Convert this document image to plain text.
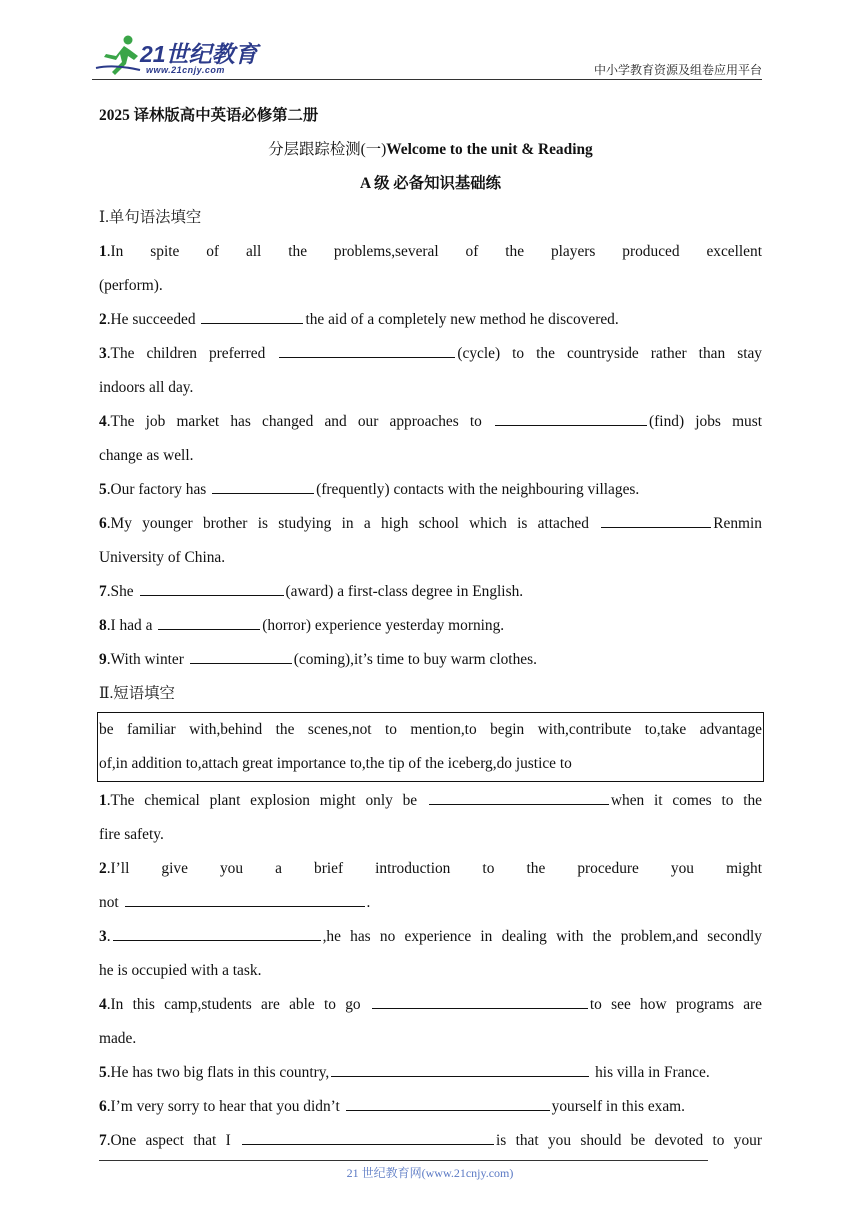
21世纪教育
www.21cnjy.com	中小学教育资源及组卷应用平台
2025 译林版高中英语必修第二册
分层跟踪检测(一)Welcome to the unit & Reading
A 级 必备知识基础练
Ⅰ.单句语法填空
1.In spite of all the problems,several of the players produced excellent
(perform).
2.He succeeded	the aid of a completely new method he discovered.
3.The children preferred	(cycle) to the countryside rather than stay
indoors all day.
4.The job market has changed and our approaches to	(find) jobs must
change as well.
5.Our factory has	(frequently) contacts with the neighbouring villages.
6.My younger brother is studying in a high school which is attached	Renmin
University of China.
7.She	(award) a first-class degree in English.
8.I had a	(horror) experience yesterday morning.
9.With winter	(coming),it’s time to buy warm clothes.
Ⅱ.短语填空
be familiar with,behind the scenes,not to mention,to begin with,contribute to,take advantage
of,in addition to,attach great importance to,the tip of the iceberg,do justice to
1.The chemical plant explosion might only be	when it comes to the
fire safety.
2.I’ll give you a brief introduction to the procedure you might
not	.
3.	,he has no experience in dealing with the problem,and secondly
he is occupied with a task.
4.In this camp,students are able to go	to see how programs are
made.
5.He has two big flats in this country,	his villa in France.
6.I’m very sorry to hear that you didn’t	yourself in this exam.
7.One aspect that I	is that you should be devoted to your
21 世纪教育网(www.21cnjy.com)
